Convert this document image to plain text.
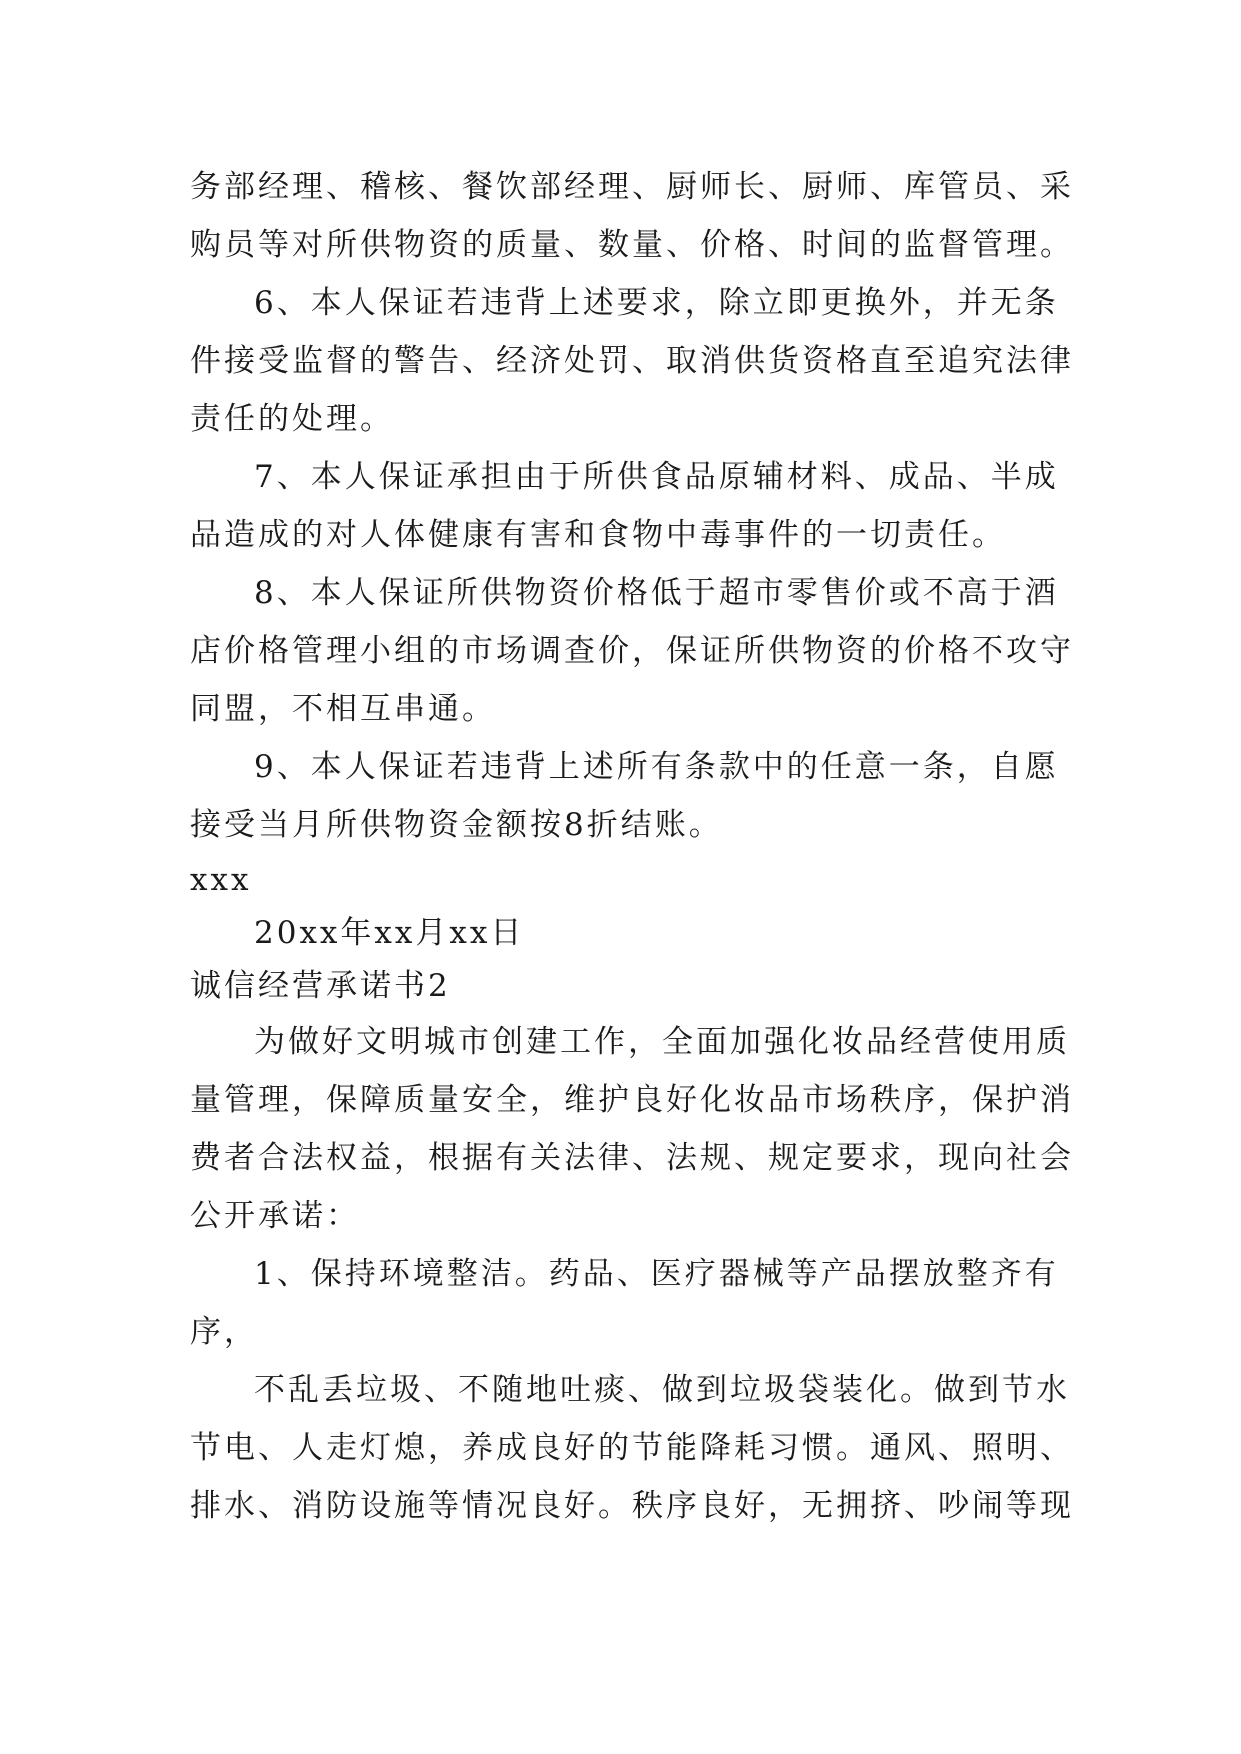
务部经理、稽核、餐饮部经理、厨师长、厨师、库管员、采
购员等对所供物资的质量、数量、价格、时间的监督管理。
6、本人保证若违背上述要求，除立即更换外，并无条
件接受监督的警告、经济处罚、取消供货资格直至追究法律
责任的处理。
7、本人保证承担由于所供食品原辅材料、成品、半成
品造成的对人体健康有害和食物中毒事件的一切责任。
8、本人保证所供物资价格低于超市零售价或不高于酒
店价格管理小组的市场调查价，保证所供物资的价格不攻守
同盟，不相互串通。
9、本人保证若违背上述所有条款中的任意一条，自愿
接受当月所供物资金额按8折结账。
xxx
20xx年xx月xx日
诚信经营承诺书2
为做好文明城市创建工作，全面加强化妆品经营使用质
量管理，保障质量安全，维护良好化妆品市场秩序，保护消
费者合法权益，根据有关法律、法规、规定要求，现向社会
公开承诺：
1、保持环境整洁。药品、医疗器械等产品摆放整齐有
序，
不乱丢垃圾、不随地吐痰、做到垃圾袋装化。做到节水
节电、人走灯熄，养成良好的节能降耗习惯。通风、照明、
排水、消防设施等情况良好。秩序良好，无拥挤、吵闹等现
